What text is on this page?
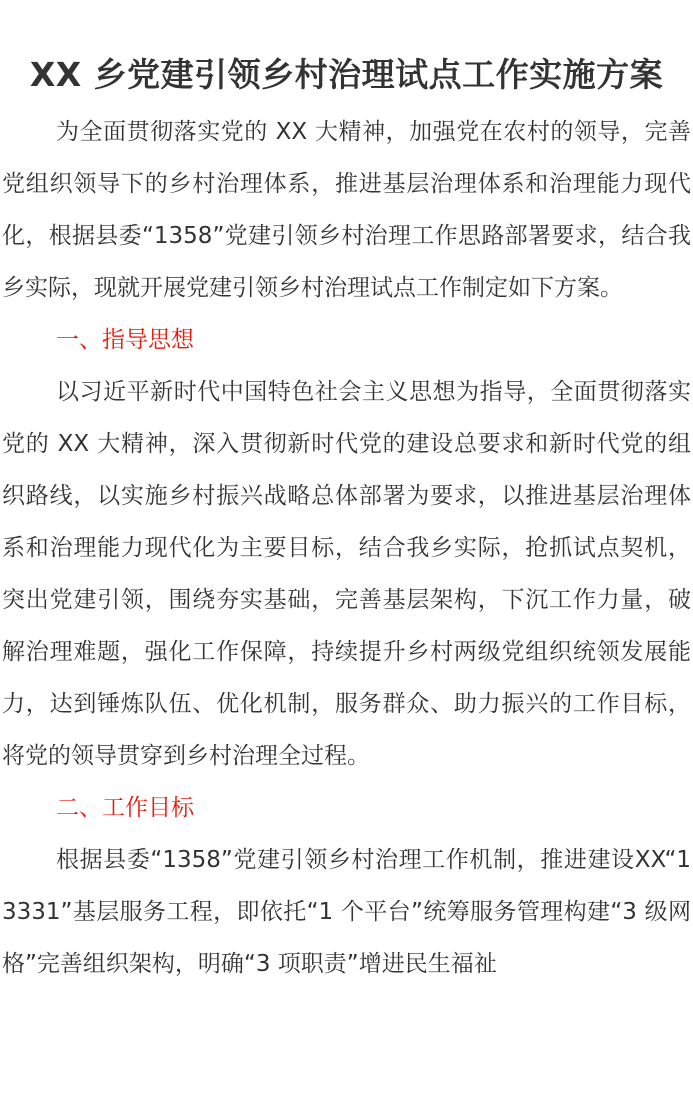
XX 乡党建引领乡村治理试点工作实施方案

为全面贯彻落实党的 XX 大精神，加强党在农村的领导，完善党组织领导下的乡村治理体系，推进基层治理体系和治理能力现代化，根据县委“1358”党建引领乡村治理工作思路部署要求，结合我乡实际，现就开展党建引领乡村治理试点工作制定如下方案。

一、指导思想

以习近平新时代中国特色社会主义思想为指导，全面贯彻落实党的 XX 大精神，深入贯彻新时代党的建设总要求和新时代党的组织路线，以实施乡村振兴战略总体部署为要求，以推进基层治理体系和治理能力现代化为主要目标，结合我乡实际，抢抓试点契机，突出党建引领，围绕夯实基础，完善基层架构，下沉工作力量，破解治理难题，强化工作保障，持续提升乡村两级党组织统领发展能力，达到锤炼队伍、优化机制，服务群众、助力振兴的工作目标，将党的领导贯穿到乡村治理全过程。

二、工作目标

根据县委“1358”党建引领乡村治理工作机制，推进建设XX“13331”基层服务工程，即依托“1 个平台”统筹服务管理构建“3 级网格”完善组织架构，明确“3 项职责”增进民生福祉
